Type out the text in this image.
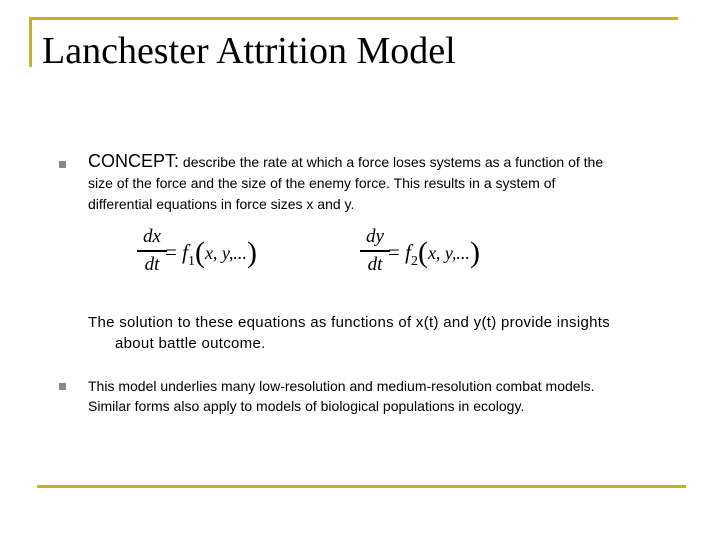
Lanchester Attrition Model
CONCEPT: describe the rate at which a force loses systems as a function of the
size of the force and the size of the enemy force. This results in a system of
differential equations in force sizes x and y.
dx
dt = $f_1(x$, y,...)	dy
dt = $f_2(x$, y,...)
The solution to these equations as functions of x(t) and y(t) provide insights
about battle outcome.
This model underlies many low-resolution and medium-resolution combat models.
Similar forms also apply to models of biological populations in ecology.
